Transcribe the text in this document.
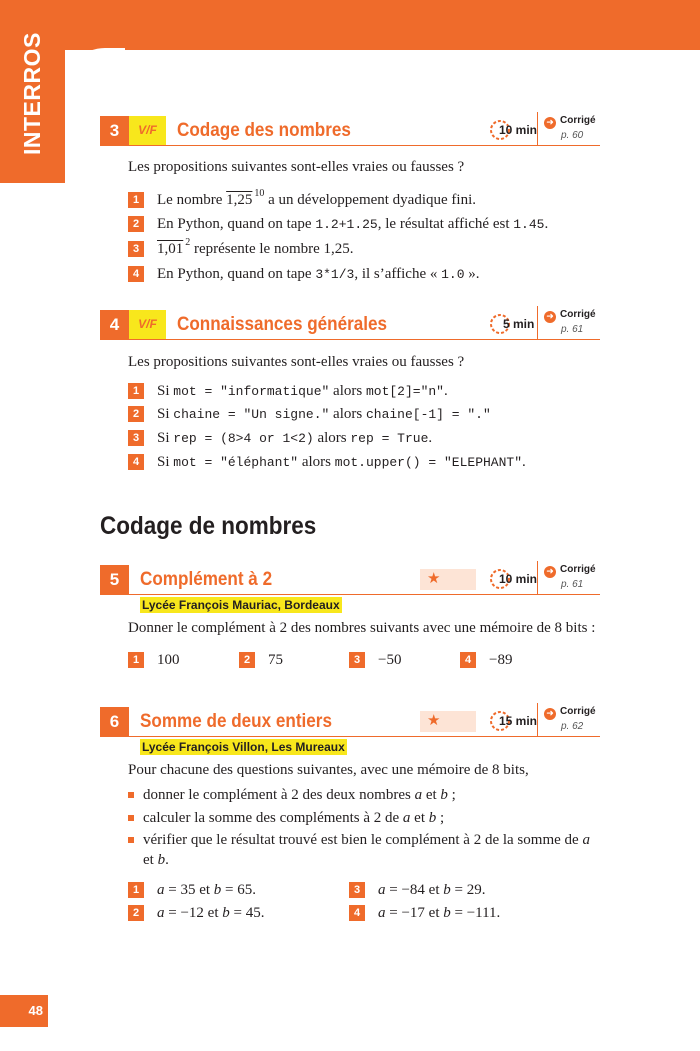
INTERROS	3	V/F	Codage des nombres	10 min ➜ Corrigé
p. 60
Les propositions suivantes sont-elles vraies ou fausses ?
1 Le nombre 1,25 $^{10}$ a un développement dyadique fini.
2 En Python, quand on tape 1.2+1.25, le résultat affiché est 1.45.
3 1,01 $^2$ représente le nombre 1,25.
4 En Python, quand on tape 3*1/3, il s’affiche « 1.0 ».
4	V/F	Connaissances générales	5 min ➜ Corrigé
p. 61
Les propositions suivantes sont-elles vraies ou fausses ?
1 Si mot = "informatique" alors mot[2]="n".
2 Si chaine = "Un signe." alors chaine[-1] = "."
3 Si rep = (8>4 or 1<2) alors rep = True.
4 Si mot = "éléphant" alors mot.upper() = "ELEPHANT".
Codage de nombres
5	Complément à 2	★	10 min ➜ Corrigé
p. 61
Lycée François Mauriac, Bordeaux
Donner le complément à 2 des nombres suivants avec une mémoire de 8 bits :
1 100	2 75	3 −50	4 −89
6	Somme de deux entiers	★	15 min ➜ Corrigé
p. 62
Lycée François Villon, Les Mureaux
Pour chacune des questions suivantes, avec une mémoire de 8 bits,
donner le complément à 2 des deux nombres a et b ;
calculer la somme des compléments à 2 de a et b ;
vérifier que le résultat trouvé est bien le complément à 2 de la somme de a et b.
1 a = 35 et b = 65.	3 a = −84 et b = 29.
2 a = −12 et b = 45.	4 a = −17 et b = −111.
48
